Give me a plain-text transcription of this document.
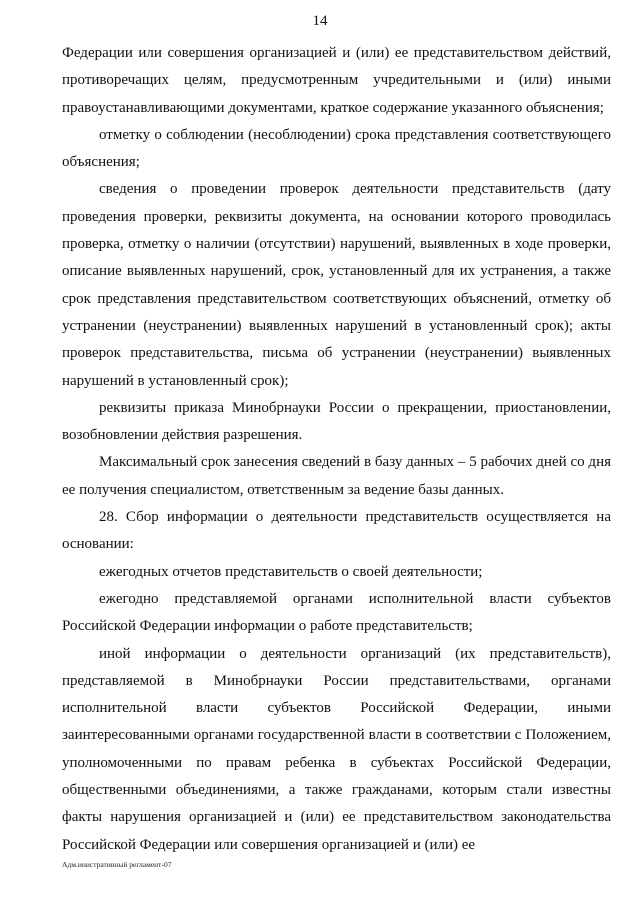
14

Федерации или совершения организацией и (или) ее представительством действий, противоречащих целям, предусмотренным учредительными и (или) иными правоустанавливающими документами, краткое содержание указанного объяснения;

отметку о соблюдении (несоблюдении) срока представления соответствующего объяснения;

сведения о проведении проверок деятельности представительств (дату проведения проверки, реквизиты документа, на основании которого проводилась проверка, отметку о наличии (отсутствии) нарушений, выявленных в ходе проверки, описание выявленных нарушений, срок, установленный для их устранения, а также срок представления представительством соответствующих объяснений, отметку об устранении (неустранении) выявленных нарушений в установленный срок); акты проверок представительства, письма об устранении (неустранении) выявленных нарушений в установленный срок);

реквизиты приказа Минобрнауки России о прекращении, приостановлении, возобновлении действия разрешения.

Максимальный срок занесения сведений в базу данных – 5 рабочих дней со дня ее получения специалистом, ответственным за ведение базы данных.

28. Сбор информации о деятельности представительств осуществляется на основании:

ежегодных отчетов представительств о своей деятельности;

ежегодно представляемой органами исполнительной власти субъектов Российской Федерации информации о работе представительств;

иной информации о деятельности организаций (их представительств), представляемой в Минобрнауки России представительствами, органами исполнительной власти субъектов Российской Федерации, иными заинтересованными органами государственной власти в соответствии с Положением, уполномоченными по правам ребенка в субъектах Российской Федерации, общественными объединениями, а также гражданами, которым стали известны факты нарушения организацией и (или) ее представительством законодательства Российской Федерации или совершения организацией и (или) ее

Адм.инистративный регламент-07
